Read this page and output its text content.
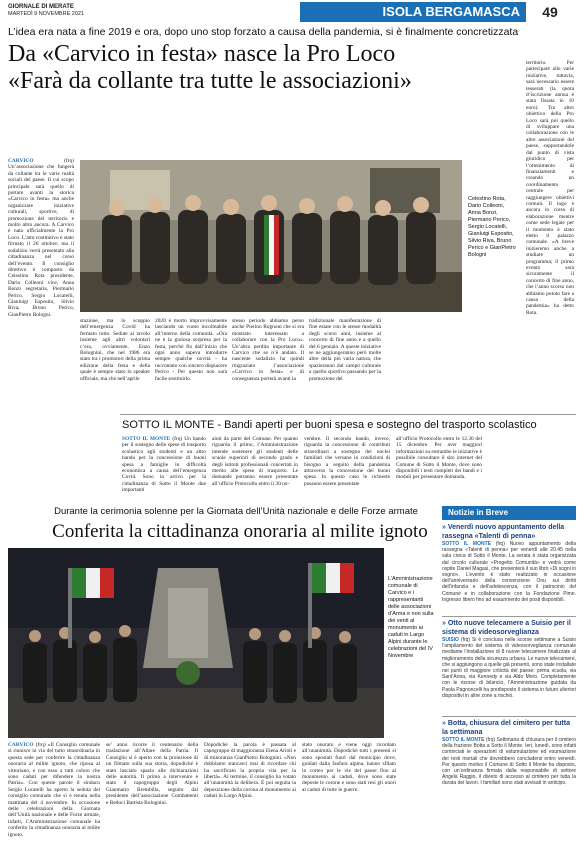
GIORNALE DI MERATE
MARTEDÌ 9 NOVEMBRE 2021	ISOLA BERGAMASCA	49
L’idea era nata a fine 2019 e ora, dopo uno stop forzato a causa della pandemia, si è finalmente concretizzata
Da «Carvico in festa» nasce la Pro Loco
«Farà da collante tra tutte le associazioni»
CARVICO	(frq) Un’associazione che fungerà da collante tra le varie realtà sociali del paese. Il cui scopo principale sarà quello di portare avanti la storica «Carvico in festa» ma anche organizzare iniziative culturali, sportive, di promozione del territorio e molto altro ancora. A Carvico è nata ufficialmente la Pro Loco. L’atto costitutivo è stato firmato il 26 ottobre; ma il sodalizio verrà presentato alla cittadinanza nel corso dell’evento. Il consiglio direttivo è composto da Celestino Rota presidente, Dario Colleoni vice, Anna Bonzi segretaria, Piermario Perico, Sergio Locatelli, Gianluigi Esposito, Silvio Riva, Bruno Perico, GianPietro Bologni.
Celestino Rota, Dario Colleoni, Anna Bonzi, Piermario Perico, Sergio Locatelli, Gianluigi Esposito, Silvio Riva, Bruno Perico e GianPietro Bologni
territorio. Per partecipare alle varie iniziative, tuttavia, sarà necessario essere tesserati (la quota d’iscrizione annua è stata fissata in 10 euro). Tra altro obiettivo della Pro Loco sarà poi quello di sviluppare una collaborazione con le altre associazioni del paese, supportandole dal punto di vista giuridico per l’ottenimento di finanziamenti e creando un coordinamento centrale per raggiungere obiettivi comuni. Il logo è ancora in corso di elaborazione mentre come sede legale per il momento è stato eletto il palazzo comunale. «A breve inizieremo anche a studiare un programma; il primo evento sarà sicuramente il concerto di fine anno, che l’anno scorso non abbiamo potuto fare a causa della pandemia» ha detto Rota.
stazione, ma lo scoppio dell’emergenza Covid ha fermato tutto. Sedute al tavolo insieme agli altri volontari c’era, ovviamente, Enzo Bolognini, che nel 1986 era stato tra i promotori della prima edizione della festa e della quale è sempre stato lo speaker ufficiale, ma che nell’aprile
2020 è morto improvvisamente lasciando un vuoto incolmabile all’interno della comunità. «Ora ne è la gioiosa sorpresa per la festa, perché fin dall’inizio che ogni anno sapeva introdurre sempre qualche novità - ha raccontato con sincero dispiacere Perico - Per questo non sarà facile sostituirlo.
stesso periodo abbiamo perso anche Pierino Rognoni che si era mostrato interessato a collaborare con la Pro Loco». Un’altra perdita importante di Carvico che se n’è andato. Il nascente sodalizio ha quindi ringraziato l’associazione «Carvico in festa» e di conseguenza porterà avanti la
tradizionale manifestazione di fine estate con le stesse modalità degli scorsi anni, insieme al concerto di fine anno e a quello del 6 gennaio. A queste iniziative se ne aggiungeranno però molte altre della più varia natura, che spazieranno dal campo culturale a quello sportivo passando per la promozione del
SOTTO IL MONTE - Bandi aperti per buoni spesa e sostegno del trasporto scolastico
SOTTO IL MONTE (frq) Un bando per il sostegno delle spese di trasporto scolastico agli studenti e un altro bando per la concessione di buoni spesa a famiglie in difficoltà economica a causa dell’emergenza Covid. Sono in arrivo per la cittadinanza di Sotto il Monte due importanti
aiuti da parte del Comune. Per quanto riguarda il primo, l’Amministrazione intende sostenere gli studenti delle scuole superiori di secondo grado e degli istituti professionali concertati in merito alle spese di trasporto. Le domande potranno essere presentate all’ufficio Protocollo entro il 30 no-
vembre. Il secondo bando, invece, riguarda la concessione di contributi straordinari a sostegno dei nuclei familiari che versano in condizioni di bisogno a seguito della pandemia attraverso la concessione dei buoni spesa. In questo caso le richieste possono essere presentate
all’ufficio Protocollo entro le 12.30 del 15 dicembre. Per aver maggiori informazioni su entrambe le iniziative è possibile consultare il sito internet del Comune di Sotto il Monte, dove sono disponibili i testi completi dei bandi e i moduli per presentare domanda.
Durante la cerimonia solenne per la Giornata dell’Unità nazionale e delle Forze armate
Conferita la cittadinanza onoraria al milite ignoto
L’Amministrazione comunale di Carvico e i rappresentanti delle associazioni d’Arma e non sulla dei venti al monumento ai caduti in Largo Alpini durante le celebrazioni del IV Novembre
CARVICO (frq) «Il Consiglio comunale si riunisce in via del tutto straordinaria in questa sede per conferire la cittadinanza onoraria al milite ignoto, che riposa al vittoriano, e con esso a tutti coloro che sono caduti per difendere la nostra Patria». Con queste parole il sindaco Sergio Locatelli ha aperto la seduta del consiglio comunale che si è tenuta nella mattinata del 4 novembre. In occasione delle celebrazioni della Giornata dell’Unità nazionale e delle Forze armate, infatti, l’Amministrazione comunale ha conferito la cittadinanza onoraria al milite ignoto.
se’ anno ricorre il centenario della traslazione all’Altare della Patria. Il Consiglio si è aperto con la proiezione di un filmato sulla sua storia, dopodiché è stato lasciato spazio alle dichiarazioni delle autorità. Il primo a intervenire è stato il capogruppo degli Alpini Gianmario Brembilla, seguito dal presidente dell’associazione Combattenti e Reduci Battista Bolognini.
Dopodiché la parola è passata al capogruppo di maggioranza Elena Arioli e di minoranza GianPietro Bolognini. «Non dobbiamo stancarci mai di ricordare chi ha sacrificato la propria vita per la libertà». Al termine, il consiglio ha votato all’unanimità la delibera. È poi seguita la deposizione della corona al monumento ai caduti in Largo Alpini.
stato onorato e viene oggi ricordato all’unanimità. Dopodiché tutti i presenti si sono spostati fuori dal municipio dove, guidati dalla fanfara alpina, hanno sfilato in corteo per le vie del paese fino al monumento ai caduti, dove sono state deposte le corone e sono stati resi gli onori ai caduti di tutte le guerre.
Notizie in Breve
» Venerdì nuovo appuntamento della rassegna «Talenti di penna»
SOTTO IL MONTE (frq) Nuovo appuntamento della rassegna «Talenti di penna» per venerdì alle 20.45 nella sala civica di Sotto il Monte. La serata è stata organizzata dal circolo culturale «Progetto Comunità» e vedrà come ospite Daniel Magasi, che presenterà il suo libro «Di sogni in sogno». L’evento è stato realizzato in occasione dell’anniversario della convenzione Onu sui diritti dell’infanzia e dell’adolescenza, con il patrocinio del Comune e in collaborazione con la Fondazione Pime. Ingresso libero fino ad esaurimento dei posti disponibili.
» Otto nuove telecamere a Suisio per il sistema di videosorveglianza
SUISIO (frq) Si è conclusa nelle scorse settimane a Suisio l’ampliamento del sistema di videosorveglianza comunale mediante l’installazione di 8 nuove telecamere finalizzate al miglioramento della sicurezza urbana. Le nuove telecamere, che si aggiungono a quelle già presenti, sono state installate nei punti di maggiore criticità del paese: prima scuola, via Sant’Anna, via Kennedy e via Aldo Moro. Completamente con le risorse di bilancio, l’Amministrazione guidata da Paola Pagnoncelli ha predisposto il sistema in futuro ulteriori dispositivi in altre zone a rischio.
» Botta, chiusura del cimitero per tutta la settimana
SOTTO IL MONTE (frq) Settimana di chiusura per il cimitero della frazione Botta a Sotto il Monte. Ieri, lunedì, sono infatti cominciati le operazioni di estumulazione ed esumazione dei resti mortali che dovrebbero concludersi entro venerdì. Per questo motivo il Comune di Sotto il Monte ha disposto, con un’ordinanza firmata dalla responsabile di settore Angela Raggio, il divieto di accesso al cimitero per tutta la durata dei lavori. I familiari sono stati avvisati in anticipo.
